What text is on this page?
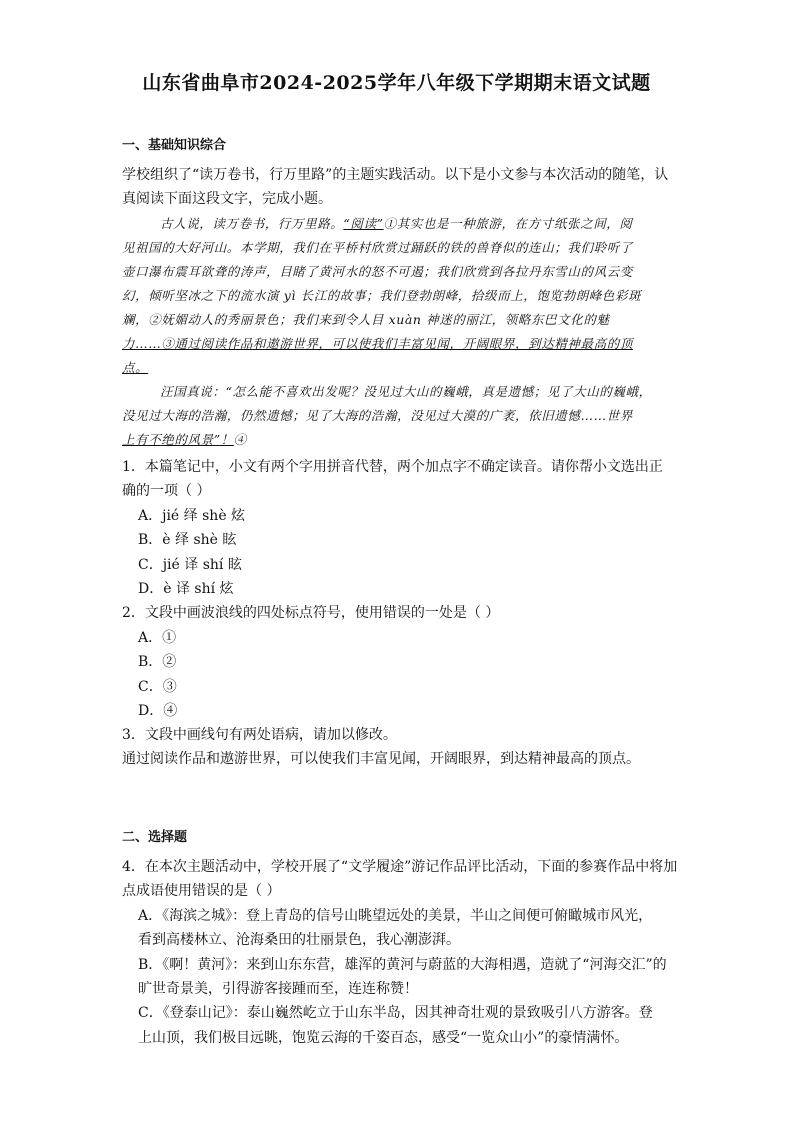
山东省曲阜市2024-2025学年八年级下学期期末语文试题
一、基础知识综合
学校组织了“读万卷书，行万里路”的主题实践活动。以下是小文参与本次活动的随笔，认
真阅读下面这段文字，完成小题。
古人说，读万卷书，行万里路。“阅读”①其实也是一种旅游，在方寸纸张之间，阅
见祖国的大好河山。本学期，我们在平桥村欣赏过踊跃的铁的兽脊似的连山；我们聆听了
壶口瀑布震耳欲聋的涛声，目睹了黄河水的怒不可遏；我们欣赏到各拉丹东雪山的风云变
幻，倾听坚冰之下的流水演 yì 长江的故事；我们登勃朗峰，拾级而上，饱览勃朗峰色彩斑
斓，②妩媚动人的秀丽景色；我们来到令人目 xuàn 神迷的丽江，领略东巴文化的魅
力……③通过阅读作品和遨游世界，可以使我们丰富见闻，开阔眼界，到达精神最高的顶
点。
汪国真说：“怎么能不喜欢出发呢？没见过大山的巍峨，真是遗憾；见了大山的巍峨，
没见过大海的浩瀚，仍然遗憾；见了大海的浩瀚，没见过大漠的广袤，依旧遗憾……世界
上有不绝的风景”！④
1．本篇笔记中，小文有两个字用拼音代替，两个加点字不确定读音。请你帮小文选出正
确的一项（ ）
A．jié 绎 shè 炫
B．è 绎 shè 眩
C．jié 译 shí 眩
D．è 译 shí 炫
2．文段中画波浪线的四处标点符号，使用错误的一处是（ ）
A．①
B．②
C．③
D．④
3．文段中画线句有两处语病，请加以修改。
通过阅读作品和遨游世界，可以使我们丰富见闻，开阔眼界，到达精神最高的顶点。
二、选择题
4．在本次主题活动中，学校开展了“文学履途”游记作品评比活动，下面的参赛作品中将加
点成语使用错误的是（ ）
A．《海滨之城》：登上青岛的信号山眺望远处的美景，半山之间便可俯瞰城市风光，
看到高楼林立、沧海桑田的壮丽景色，我心潮澎湃。
B．《啊！黄河》：来到山东东营，雄浑的黄河与蔚蓝的大海相遇，造就了“河海交汇”的
旷世奇景美，引得游客接踵而至，连连称赞！
C．《登泰山记》：泰山巍然屹立于山东半岛，因其神奇壮观的景致吸引八方游客。登
上山顶，我们极目远眺，饱览云海的千姿百态，感受“一览众山小”的豪情满怀。
